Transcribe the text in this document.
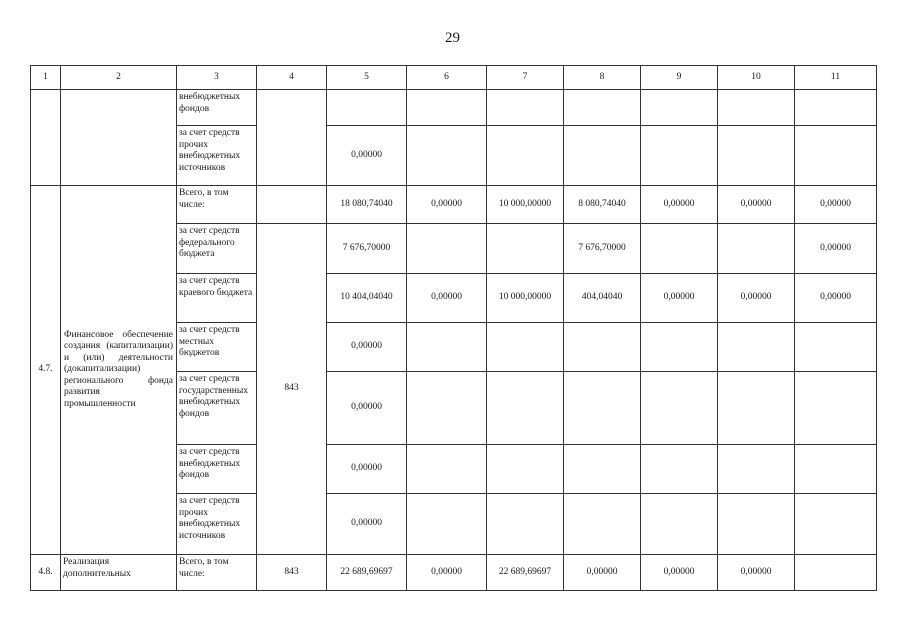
29
1	2	3	4	5	6	7	8	9	10	11
		внебюджетных фондов								
		за счет средств прочих внебюджетных источников		0,00000						
4.7.	Финансовое обеспечение создания (капитализации) и (или) деятельности (докапитализации) регионального фонда развития промышленности	Всего, в том числе:		18 080,74040	0,00000	10 000,00000	8 080,74040	0,00000	0,00000	0,00000
		за счет средств федерального бюджета	843	7 676,70000			7 676,70000			0,00000
		за счет средств краевого бюджета		10 404,04040	0,00000	10 000,00000	404,04040	0,00000	0,00000	0,00000
		за счет средств местных бюджетов		0,00000						
		за счет средств государственных внебюджетных фондов		0,00000						
		за счет средств внебюджетных фондов		0,00000						
		за счет средств прочих внебюджетных источников		0,00000						
4.8.	Реализация дополнительных	Всего, в том числе:	843	22 689,69697	0,00000	22 689,69697	0,00000	0,00000	0,00000	
